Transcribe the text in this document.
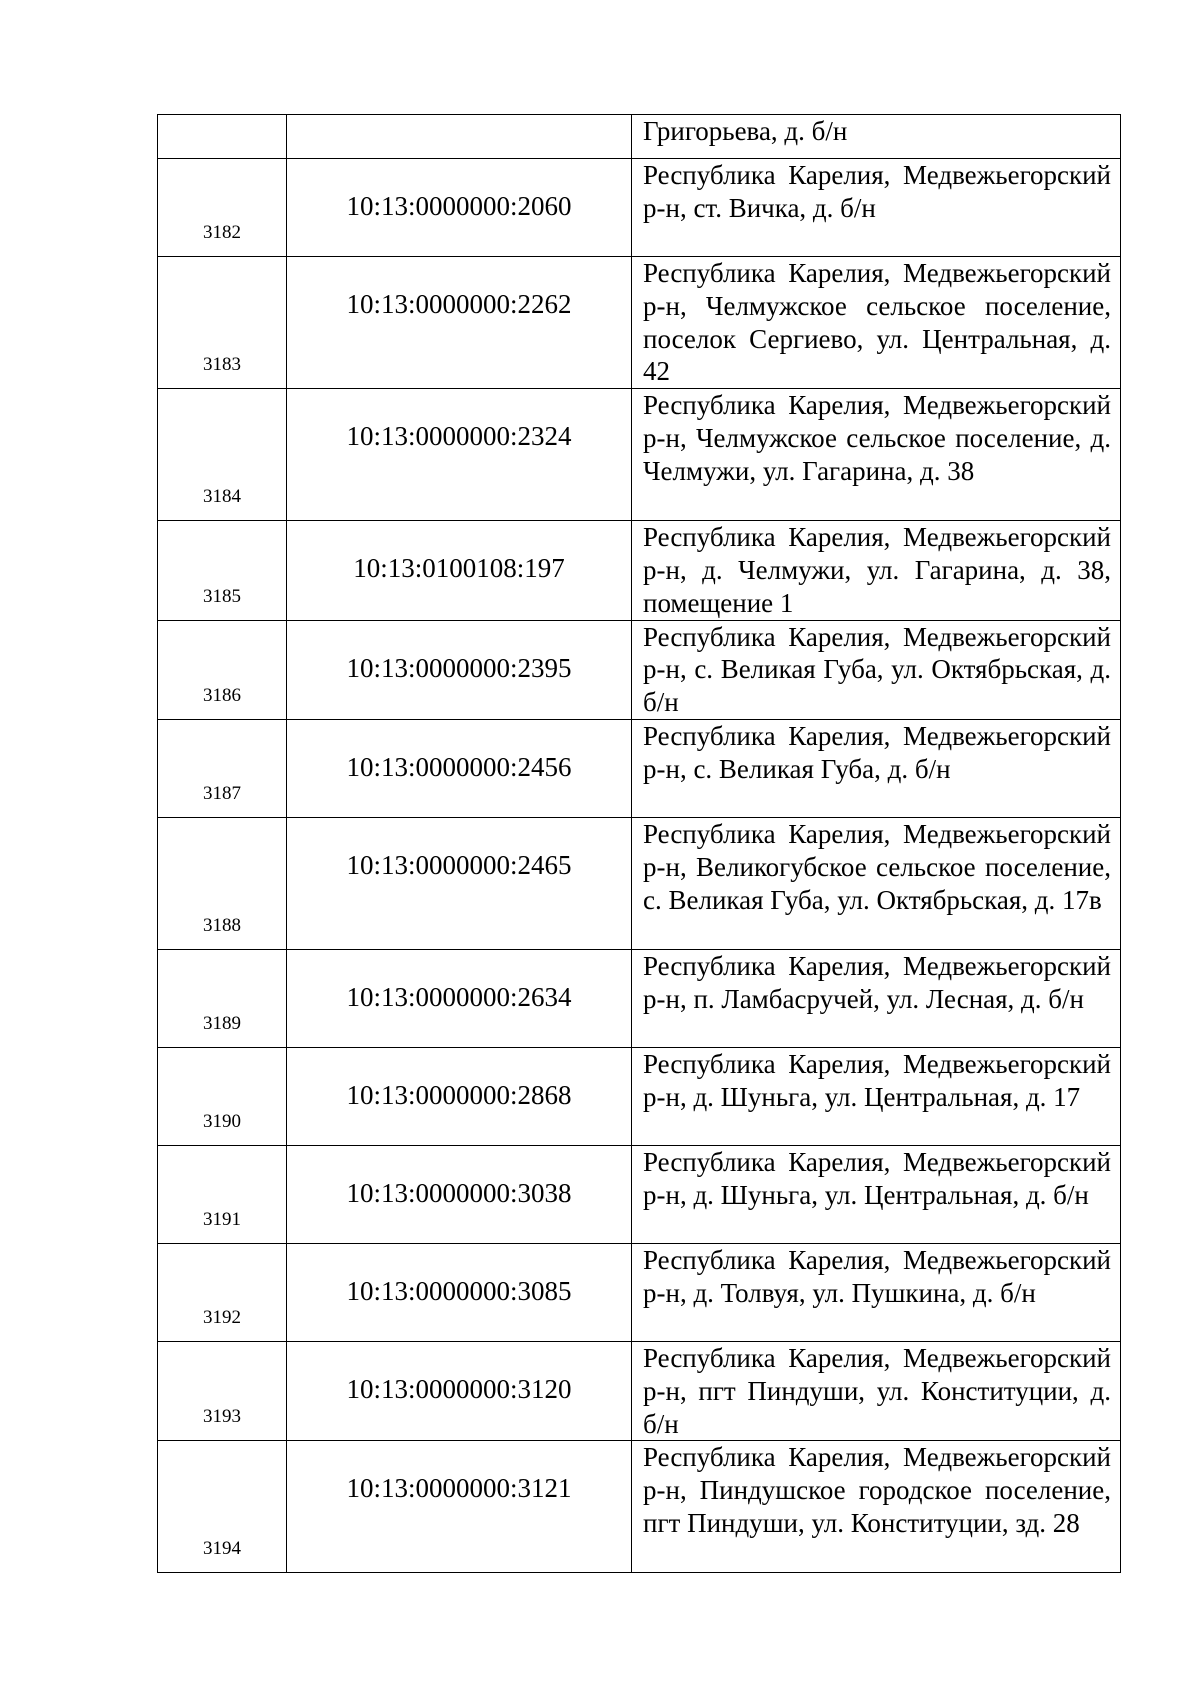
		Григорьева, д. б/н

3182	10:13:0000000:2060	Республика Карелия, Медвежьегорский р-н, ст. Вичка, д. б/н

3183	10:13:0000000:2262	Республика Карелия, Медвежьегорский р-н, Челмужское сельское поселение, поселок Сергиево, ул. Центральная, д. 42

3184	10:13:0000000:2324	Республика Карелия, Медвежьегорский р-н, Челмужское сельское поселение, д. Челмужи, ул. Гагарина, д. 38

3185	10:13:0100108:197	Республика Карелия, Медвежьегорский р-н, д. Челмужи, ул. Гагарина, д. 38, помещение 1

3186	10:13:0000000:2395	Республика Карелия, Медвежьегорский р-н, с. Великая Губа, ул. Октябрьская, д. б/н

3187	10:13:0000000:2456	Республика Карелия, Медвежьегорский р-н, с. Великая Губа, д. б/н

3188	10:13:0000000:2465	Республика Карелия, Медвежьегорский р-н, Великогубское сельское поселение, с. Великая Губа, ул. Октябрьская, д. 17в

3189	10:13:0000000:2634	Республика Карелия, Медвежьегорский р-н, п. Ламбасручей, ул. Лесная, д. б/н

3190	10:13:0000000:2868	Республика Карелия, Медвежьегорский р-н, д. Шуньга, ул. Центральная, д. 17

3191	10:13:0000000:3038	Республика Карелия, Медвежьегорский р-н, д. Шуньга, ул. Центральная, д. б/н

3192	10:13:0000000:3085	Республика Карелия, Медвежьегорский р-н, д. Толвуя, ул. Пушкина, д. б/н

3193	10:13:0000000:3120	Республика Карелия, Медвежьегорский р-н, пгт Пиндуши, ул. Конституции, д. б/н

3194	10:13:0000000:3121	Республика Карелия, Медвежьегорский р-н, Пиндушское городское поселение, пгт Пиндуши, ул. Конституции, зд. 28
